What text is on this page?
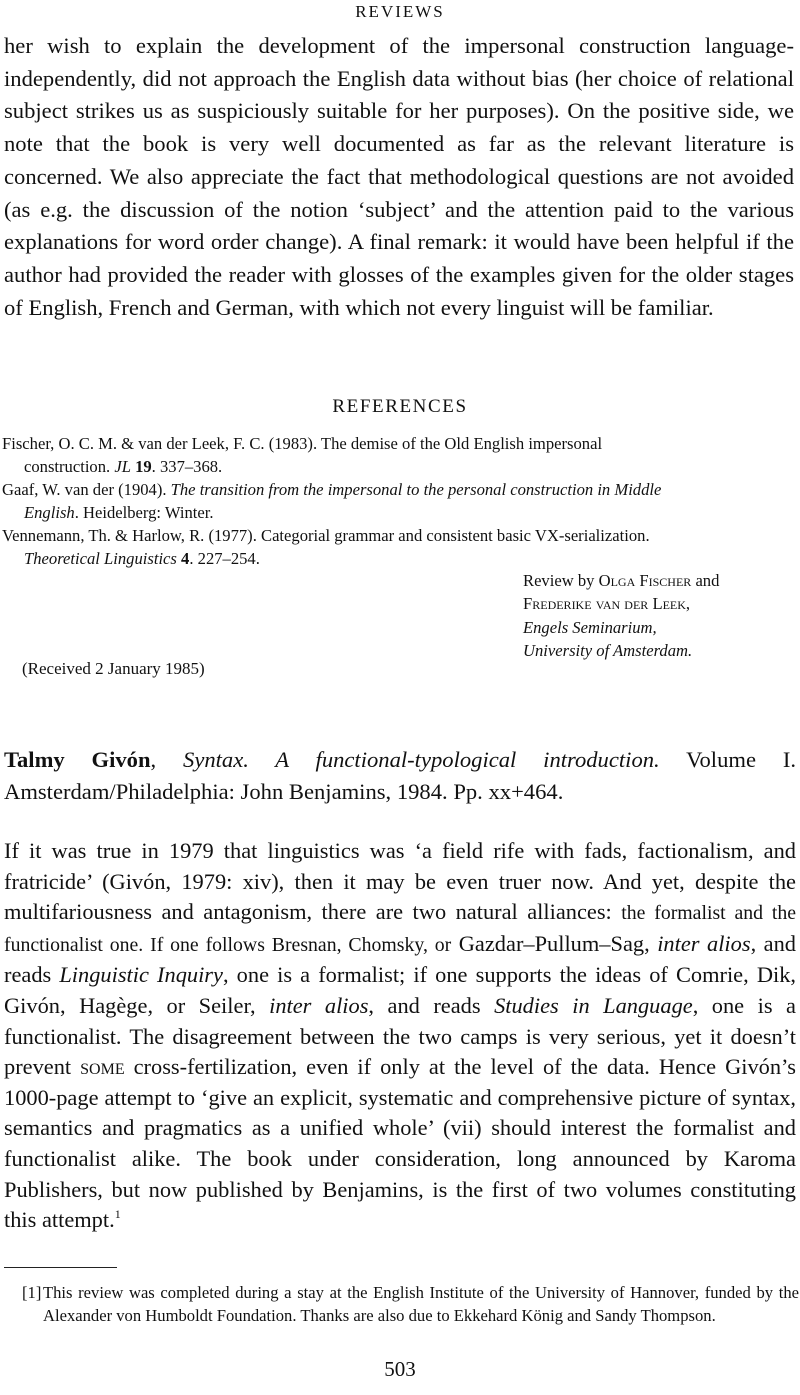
REVIEWS

her wish to explain the development of the impersonal construction language-independently, did not approach the English data without bias (her choice of relational subject strikes us as suspiciously suitable for her purposes). On the positive side, we note that the book is very well documented as far as the relevant literature is concerned. We also appreciate the fact that methodological questions are not avoided (as e.g. the discussion of the notion ‘subject’ and the attention paid to the various explanations for word order change). A final remark: it would have been helpful if the author had provided the reader with glosses of the examples given for the older stages of English, French and German, with which not every linguist will be familiar.

REFERENCES
Fischer, O. C. M. & van der Leek, F. C. (1983). The demise of the Old English impersonal
construction. JL 19. 337–368.
Gaaf, W. van der (1904). The transition from the impersonal to the personal construction in Middle
English. Heidelberg: Winter.
Vennemann, Th. & Harlow, R. (1977). Categorial grammar and consistent basic VX-serialization.
Theoretical Linguistics 4. 227–254.
Review by Olga Fischer and
Frederike van der Leek,
Engels Seminarium,
University of Amsterdam.
(Received 2 January 1985)

Talmy Givón, Syntax. A functional-typological introduction. Volume I. Amsterdam/Philadelphia: John Benjamins, 1984. Pp. xx+464.

If it was true in 1979 that linguistics was ‘a field rife with fads, factionalism, and fratricide’ (Givón, 1979: xiv), then it may be even truer now. And yet, despite the multifariousness and antagonism, there are two natural alliances: the formalist and the functionalist one. If one follows Bresnan, Chomsky, or Gazdar–Pullum–Sag, inter alios, and reads Linguistic Inquiry, one is a formalist; if one supports the ideas of Comrie, Dik, Givón, Hagège, or Seiler, inter alios, and reads Studies in Language, one is a functionalist. The disagreement between the two camps is very serious, yet it doesn’t prevent some cross-fertilization, even if only at the level of the data. Hence Givón’s 1000-page attempt to ‘give an explicit, systematic and comprehensive picture of syntax, semantics and pragmatics as a unified whole’ (vii) should interest the formalist and functionalist alike. The book under consideration, long announced by Karoma Publishers, but now published by Benjamins, is the first of two volumes constituting this attempt.$^1$

[1] This review was completed during a stay at the English Institute of the University of Hannover, funded by the Alexander von Humboldt Foundation. Thanks are also due to Ekkehard König and Sandy Thompson.

503
